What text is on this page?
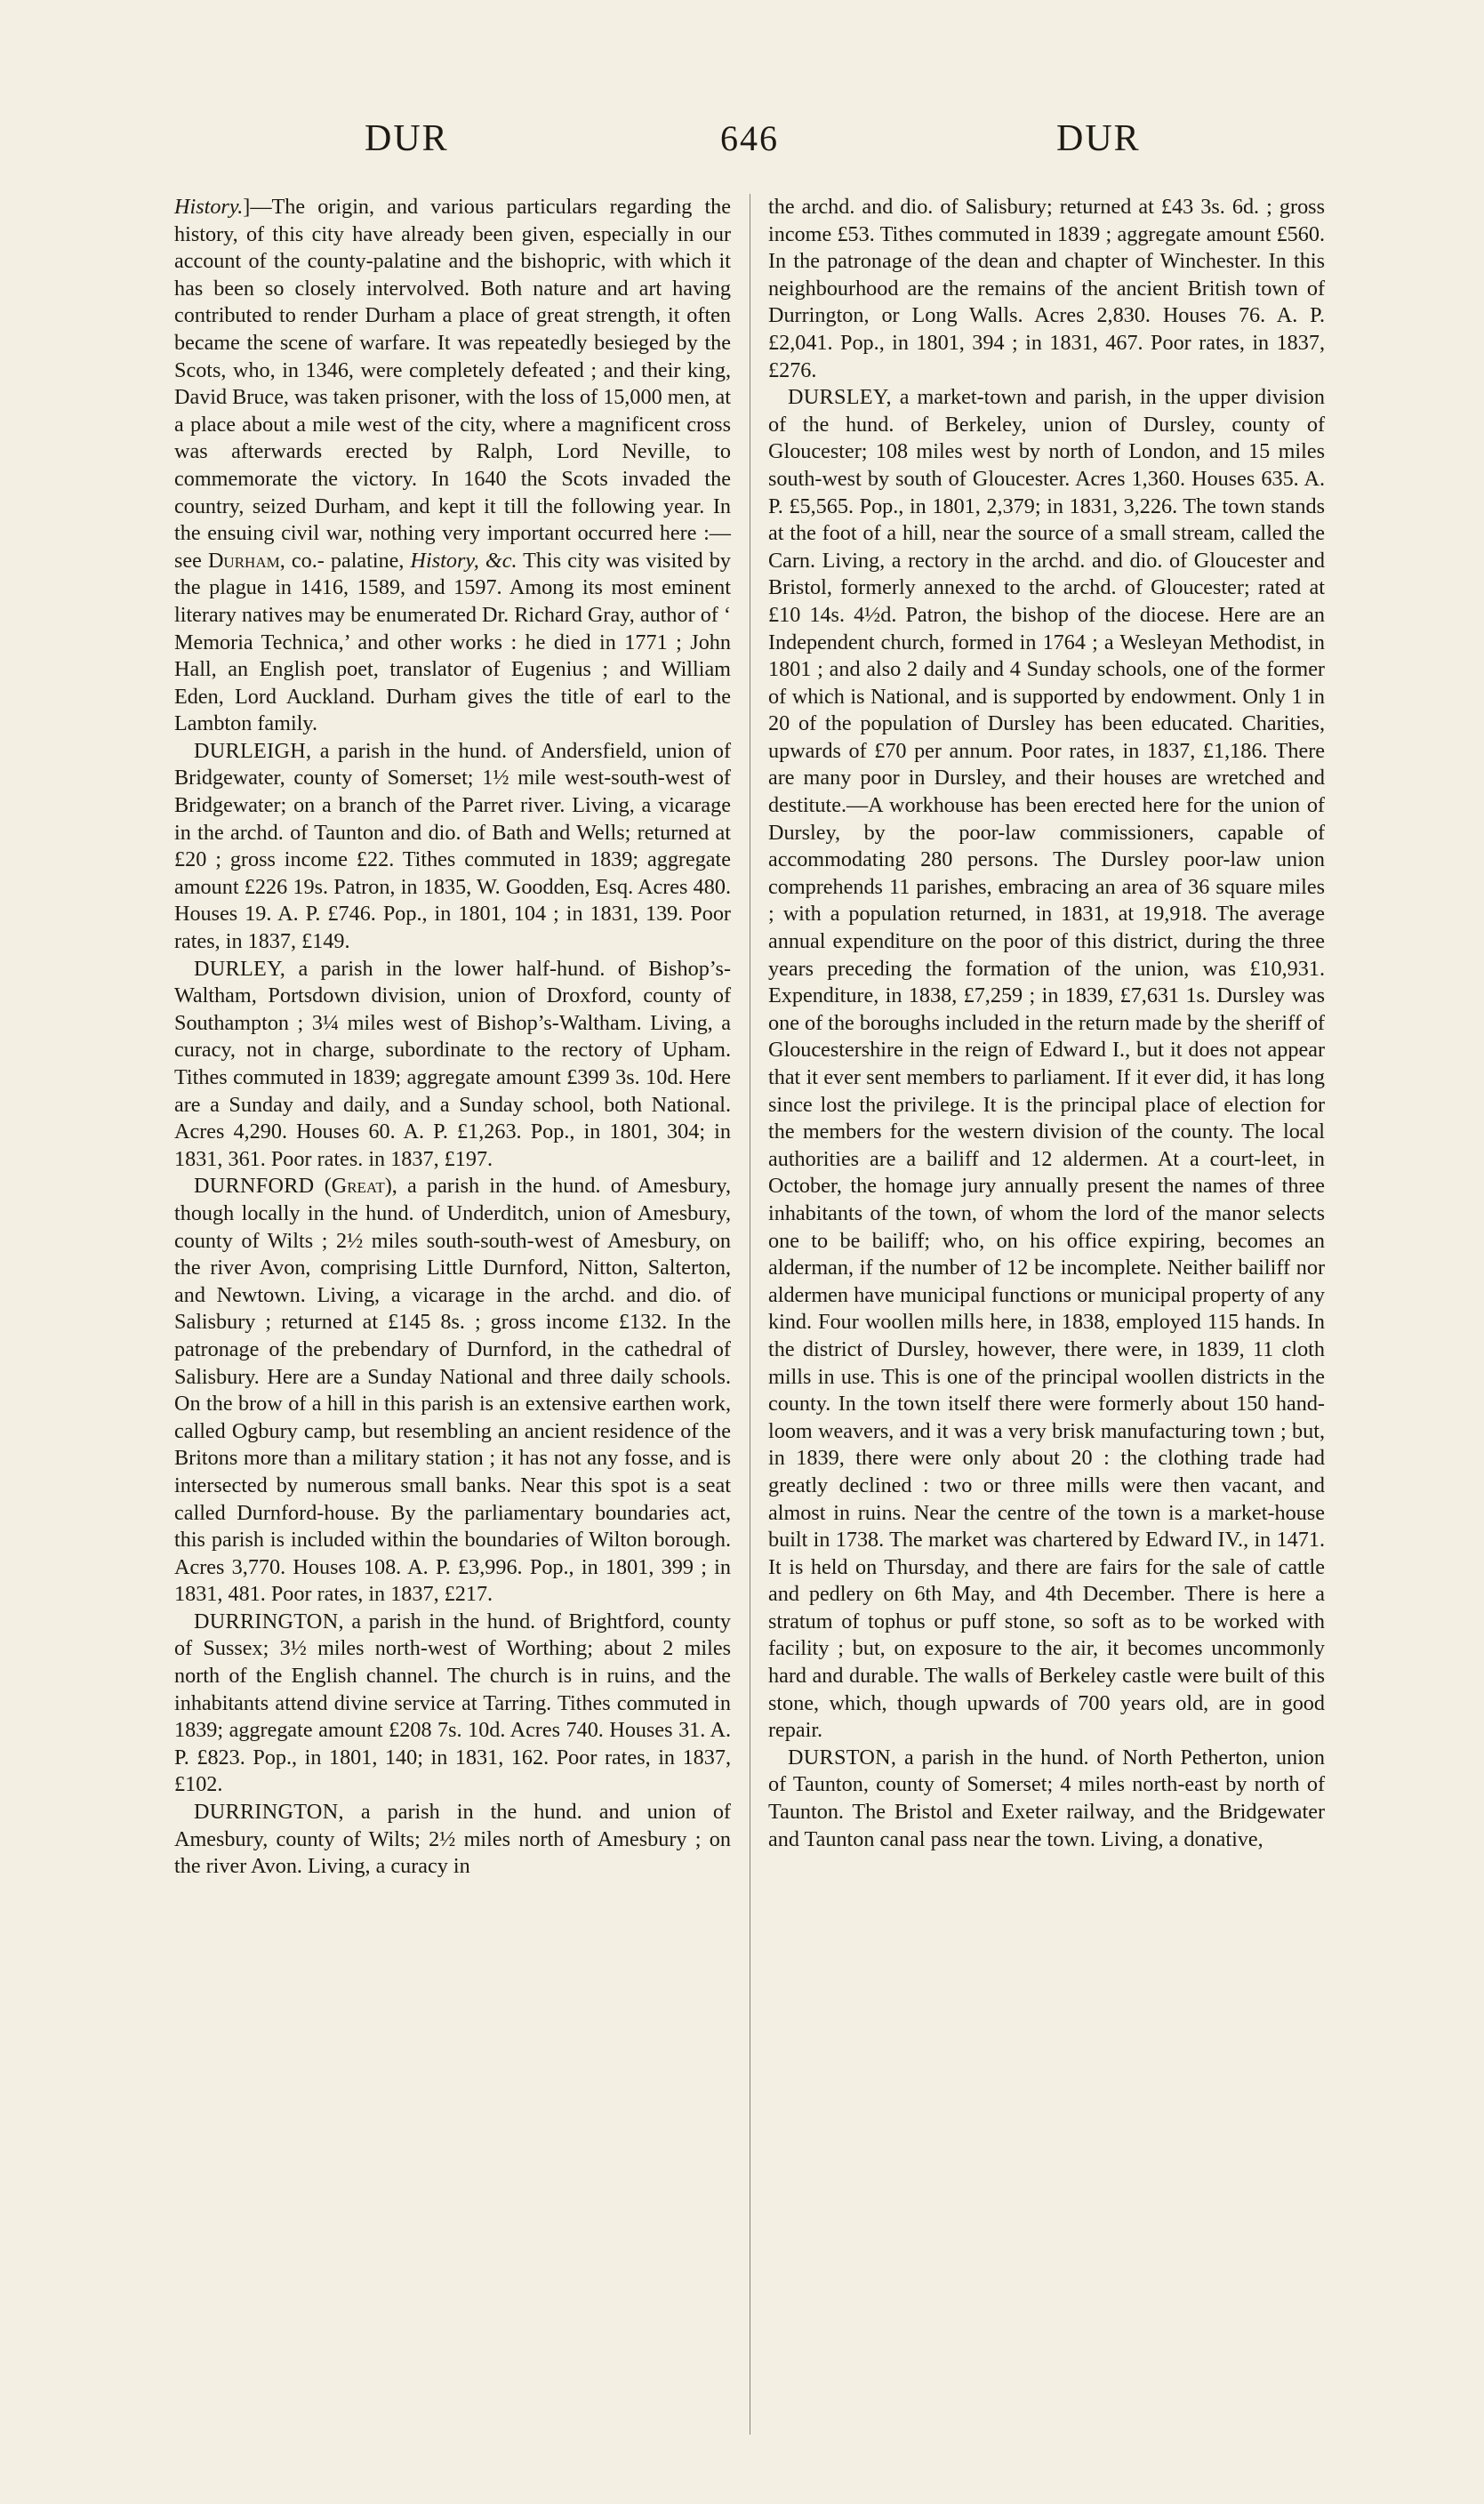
DUR	646	DUR

History.]—The origin, and various particulars regarding the history, of this city have already been given, especially in our account of the county-palatine and the bishopric, with which it has been so closely intervolved. Both nature and art having contributed to render Durham a place of great strength, it often became the scene of warfare. It was repeatedly besieged by the Scots, who, in 1346, were completely defeated ; and their king, David Bruce, was taken prisoner, with the loss of 15,000 men, at a place about a mile west of the city, where a magnificent cross was afterwards erected by Ralph, Lord Neville, to commemorate the victory. In 1640 the Scots invaded the country, seized Durham, and kept it till the following year. In the ensuing civil war, nothing very important occurred here :— see Durham, co.- palatine, History, &c. This city was visited by the plague in 1416, 1589, and 1597. Among its most eminent literary natives may be enumerated Dr. Richard Gray, author of ‘ Memoria Technica,’ and other works : he died in 1771 ; John Hall, an English poet, translator of Eugenius ; and William Eden, Lord Auckland. Durham gives the title of earl to the Lambton family.

DURLEIGH, a parish in the hund. of Andersfield, union of Bridgewater, county of Somerset; 1½ mile west-south-west of Bridgewater; on a branch of the Parret river. Living, a vicarage in the archd. of Taunton and dio. of Bath and Wells; returned at £20 ; gross income £22. Tithes commuted in 1839; aggregate amount £226 19s. Patron, in 1835, W. Goodden, Esq. Acres 480. Houses 19. A. P. £746. Pop., in 1801, 104 ; in 1831, 139. Poor rates, in 1837, £149.

DURLEY, a parish in the lower half-hund. of Bishop’s-Waltham, Portsdown division, union of Droxford, county of Southampton ; 3¼ miles west of Bishop’s-Waltham. Living, a curacy, not in charge, subordinate to the rectory of Upham. Tithes commuted in 1839; aggregate amount £399 3s. 10d. Here are a Sunday and daily, and a Sunday school, both National. Acres 4,290. Houses 60. A. P. £1,263. Pop., in 1801, 304; in 1831, 361. Poor rates. in 1837, £197.

DURNFORD (Great), a parish in the hund. of Amesbury, though locally in the hund. of Underditch, union of Amesbury, county of Wilts ; 2½ miles south-south-west of Amesbury, on the river Avon, comprising Little Durnford, Nitton, Salterton, and Newtown. Living, a vicarage in the archd. and dio. of Salisbury ; returned at £145 8s. ; gross income £132. In the patronage of the prebendary of Durnford, in the cathedral of Salisbury. Here are a Sunday National and three daily schools. On the brow of a hill in this parish is an extensive earthen work, called Ogbury camp, but resembling an ancient residence of the Britons more than a military station ; it has not any fosse, and is intersected by numerous small banks. Near this spot is a seat called Durnford-house. By the parliamentary boundaries act, this parish is included within the boundaries of Wilton borough. Acres 3,770. Houses 108. A. P. £3,996. Pop., in 1801, 399 ; in 1831, 481. Poor rates, in 1837, £217.

DURRINGTON, a parish in the hund. of Brightford, county of Sussex; 3½ miles north-west of Worthing; about 2 miles north of the English channel. The church is in ruins, and the inhabitants attend divine service at Tarring. Tithes commuted in 1839; aggregate amount £208 7s. 10d. Acres 740. Houses 31. A. P. £823. Pop., in 1801, 140; in 1831, 162. Poor rates, in 1837, £102.

DURRINGTON, a parish in the hund. and union of Amesbury, county of Wilts; 2½ miles north of Amesbury ; on the river Avon. Living, a curacy in

the archd. and dio. of Salisbury; returned at £43 3s. 6d. ; gross income £53. Tithes commuted in 1839 ; aggregate amount £560. In the patronage of the dean and chapter of Winchester. In this neighbourhood are the remains of the ancient British town of Durrington, or Long Walls. Acres 2,830. Houses 76. A. P. £2,041. Pop., in 1801, 394 ; in 1831, 467. Poor rates, in 1837, £276.

DURSLEY, a market-town and parish, in the upper division of the hund. of Berkeley, union of Dursley, county of Gloucester; 108 miles west by north of London, and 15 miles south-west by south of Gloucester. Acres 1,360. Houses 635. A. P. £5,565. Pop., in 1801, 2,379; in 1831, 3,226. The town stands at the foot of a hill, near the source of a small stream, called the Carn. Living, a rectory in the archd. and dio. of Gloucester and Bristol, formerly annexed to the archd. of Gloucester; rated at £10 14s. 4½d. Patron, the bishop of the diocese. Here are an Independent church, formed in 1764 ; a Wesleyan Methodist, in 1801 ; and also 2 daily and 4 Sunday schools, one of the former of which is National, and is supported by endowment. Only 1 in 20 of the population of Dursley has been educated. Charities, upwards of £70 per annum. Poor rates, in 1837, £1,186. There are many poor in Dursley, and their houses are wretched and destitute.—A workhouse has been erected here for the union of Dursley, by the poor-law commissioners, capable of accommodating 280 persons. The Dursley poor-law union comprehends 11 parishes, embracing an area of 36 square miles ; with a population returned, in 1831, at 19,918. The average annual expenditure on the poor of this district, during the three years preceding the formation of the union, was £10,931. Expenditure, in 1838, £7,259 ; in 1839, £7,631 1s. Dursley was one of the boroughs included in the return made by the sheriff of Gloucestershire in the reign of Edward I., but it does not appear that it ever sent members to parliament. If it ever did, it has long since lost the privilege. It is the principal place of election for the members for the western division of the county. The local authorities are a bailiff and 12 aldermen. At a court-leet, in October, the homage jury annually present the names of three inhabitants of the town, of whom the lord of the manor selects one to be bailiff; who, on his office expiring, becomes an alderman, if the number of 12 be incomplete. Neither bailiff nor aldermen have municipal functions or municipal property of any kind. Four woollen mills here, in 1838, employed 115 hands. In the district of Dursley, however, there were, in 1839, 11 cloth mills in use. This is one of the principal woollen districts in the county. In the town itself there were formerly about 150 hand-loom weavers, and it was a very brisk manufacturing town ; but, in 1839, there were only about 20 : the clothing trade had greatly declined : two or three mills were then vacant, and almost in ruins. Near the centre of the town is a market-house built in 1738. The market was chartered by Edward IV., in 1471. It is held on Thursday, and there are fairs for the sale of cattle and pedlery on 6th May, and 4th December. There is here a stratum of tophus or puff stone, so soft as to be worked with facility ; but, on exposure to the air, it becomes uncommonly hard and durable. The walls of Berkeley castle were built of this stone, which, though upwards of 700 years old, are in good repair.

DURSTON, a parish in the hund. of North Petherton, union of Taunton, county of Somerset; 4 miles north-east by north of Taunton. The Bristol and Exeter railway, and the Bridgewater and Taunton canal pass near the town. Living, a donative,
